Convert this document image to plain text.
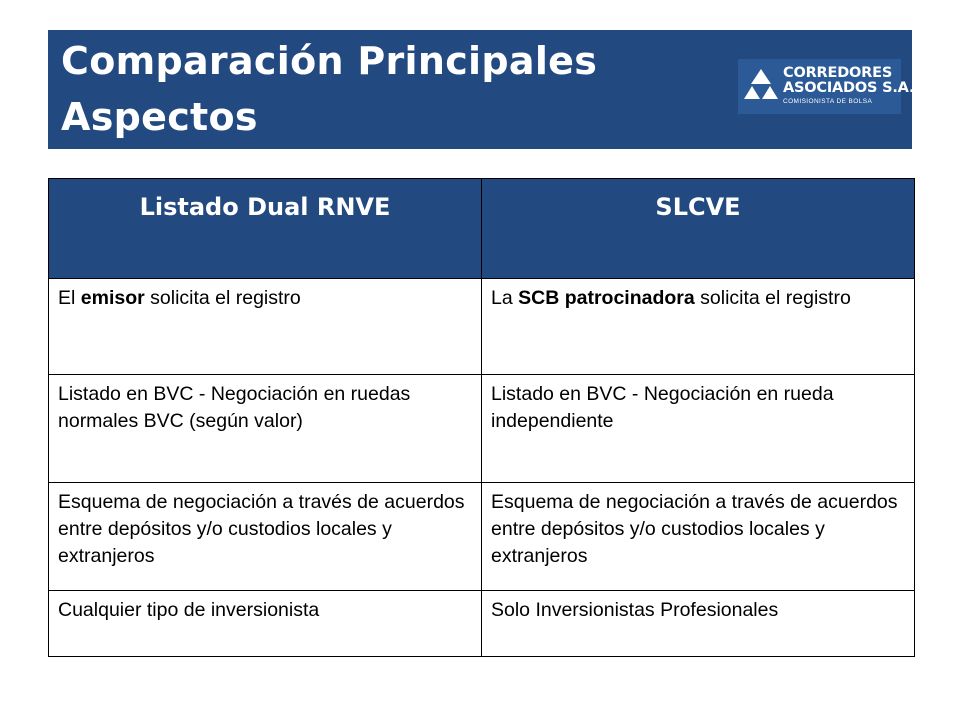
Comparación Principales Aspectos
CORREDORES
ASOCIADOS S.A.
COMISIONISTA DE BOLSA
Listado Dual RNVE	SLCVE
El emisor solicita el registro	La SCB patrocinadora solicita el registro
Listado en BVC - Negociación en ruedas normales BVC (según valor)	Listado en BVC - Negociación en rueda independiente
Esquema de negociación a través de acuerdos entre depósitos y/o custodios locales y extranjeros	Esquema de negociación a través de acuerdos entre depósitos y/o custodios locales y extranjeros
Cualquier tipo de inversionista	Solo Inversionistas Profesionales
